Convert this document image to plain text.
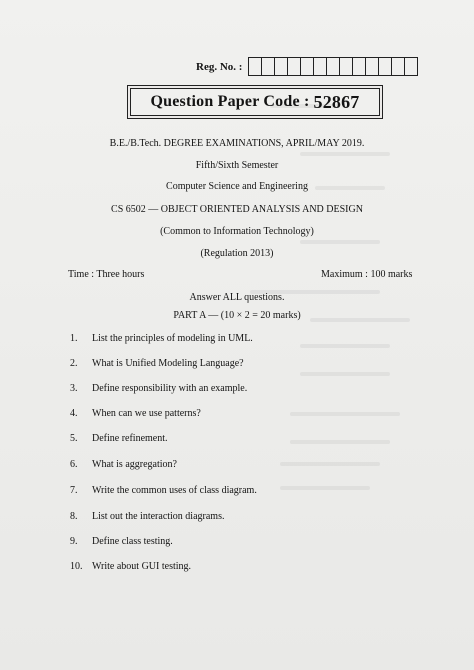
Reg. No. :
Question Paper Code : 52867
B.E./B.Tech. DEGREE EXAMINATIONS, APRIL/MAY 2019.
Fifth/Sixth Semester
Computer Science and Engineering
CS 6502 — OBJECT ORIENTED ANALYSIS AND DESIGN
(Common to Information Technology)
(Regulation 2013)
Time : Three hours	Maximum : 100 marks
Answer ALL questions.
PART A — (10 × 2 = 20 marks)
1.	List the principles of modeling in UML.
2.	What is Unified Modeling Language?
3.	Define responsibility with an example.
4.	When can we use patterns?
5.	Define refinement.
6.	What is aggregation?
7.	Write the common uses of class diagram.
8.	List out the interaction diagrams.
9.	Define class testing.
10. Write about GUI testing.
